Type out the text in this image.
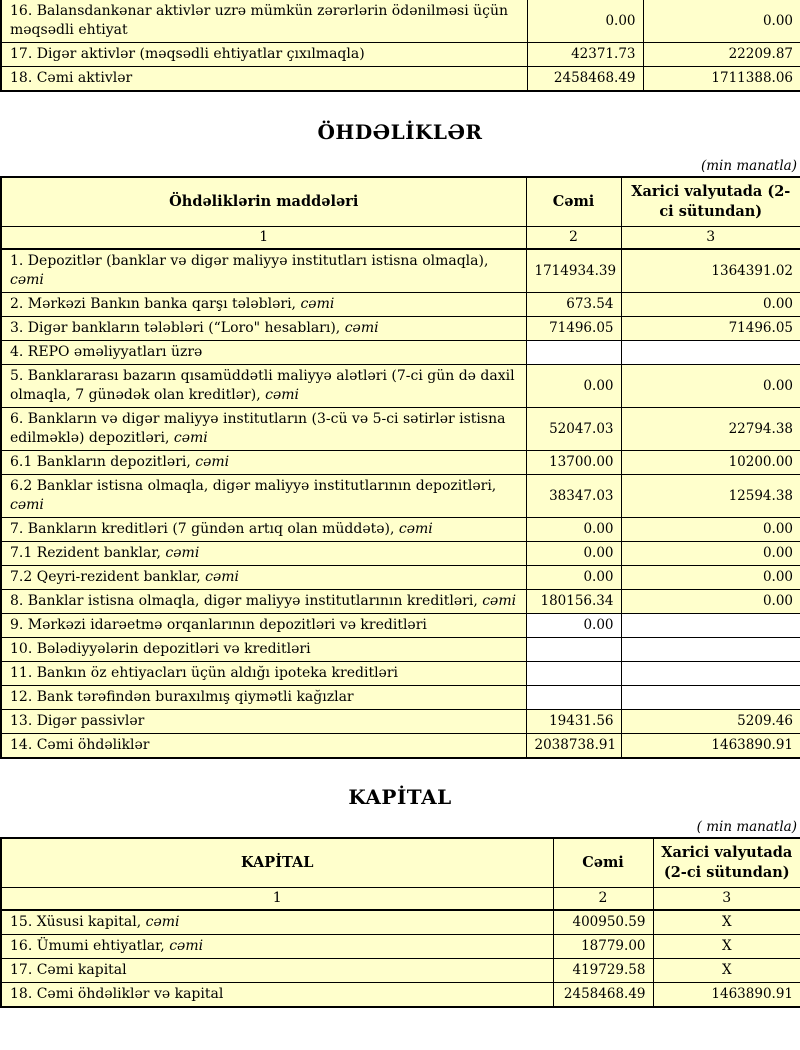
16. Balansdankənar aktivlər uzrə mümkün zərərlərin ödənilməsi üçün məqsədli ehtiyat	0.00	0.00
17. Digər aktivlər (məqsədli ehtiyatlar çıxılmaqla)	42371.73	22209.87
18. Cəmi aktivlər	2458468.49	1711388.06
ÖHDƏLİKLƏR
(min manatla)
Öhdəliklərin maddələri	Cəmi	Xarici valyutada (2-ci sütundan)
1	2	3
1. Depozitlər (banklar və digər maliyyə institutları istisna olmaqla), cəmi	1714934.39	1364391.02
2. Mərkəzi Bankın banka qarşı tələbləri, cəmi	673.54	0.00
3. Digər bankların tələbləri (“Loro" hesabları), cəmi	71496.05	71496.05
4. REPO əməliyyatları üzrə		
5. Banklararası bazarın qısamüddətli maliyyə alətləri (7-ci gün də daxil olmaqla, 7 günədək olan kreditlər), cəmi	0.00	0.00
6. Bankların və digər maliyyə institutların (3-cü və 5-ci sətirlər istisna edilməklə) depozitləri, cəmi	52047.03	22794.38
6.1 Bankların depozitləri, cəmi	13700.00	10200.00
6.2 Banklar istisna olmaqla, digər maliyyə institutlarının depozitləri, cəmi	38347.03	12594.38
7. Bankların kreditləri (7 gündən artıq olan müddətə), cəmi	0.00	0.00
7.1 Rezident banklar, cəmi	0.00	0.00
7.2 Qeyri-rezident banklar, cəmi	0.00	0.00
8. Banklar istisna olmaqla, digər maliyyə institutlarının kreditləri, cəmi	180156.34	0.00
9. Mərkəzi idarəetmə orqanlarının depozitləri və kreditləri	0.00	
10. Bələdiyyələrin depozitləri və kreditləri		
11. Bankın öz ehtiyacları üçün aldığı ipoteka kreditləri		
12. Bank tərəfindən buraxılmış qiymətli kağızlar		
13. Digər passivlər	19431.56	5209.46
14. Cəmi öhdəliklər	2038738.91	1463890.91
KAPİTAL
( min manatla)
KAPİTAL	Cəmi	Xarici valyutada (2-ci sütundan)
1	2	3
15. Xüsusi kapital, cəmi	400950.59	X
16. Ümumi ehtiyatlar, cəmi	18779.00	X
17. Cəmi kapital	419729.58	X
18. Cəmi öhdəliklər və kapital	2458468.49	1463890.91
